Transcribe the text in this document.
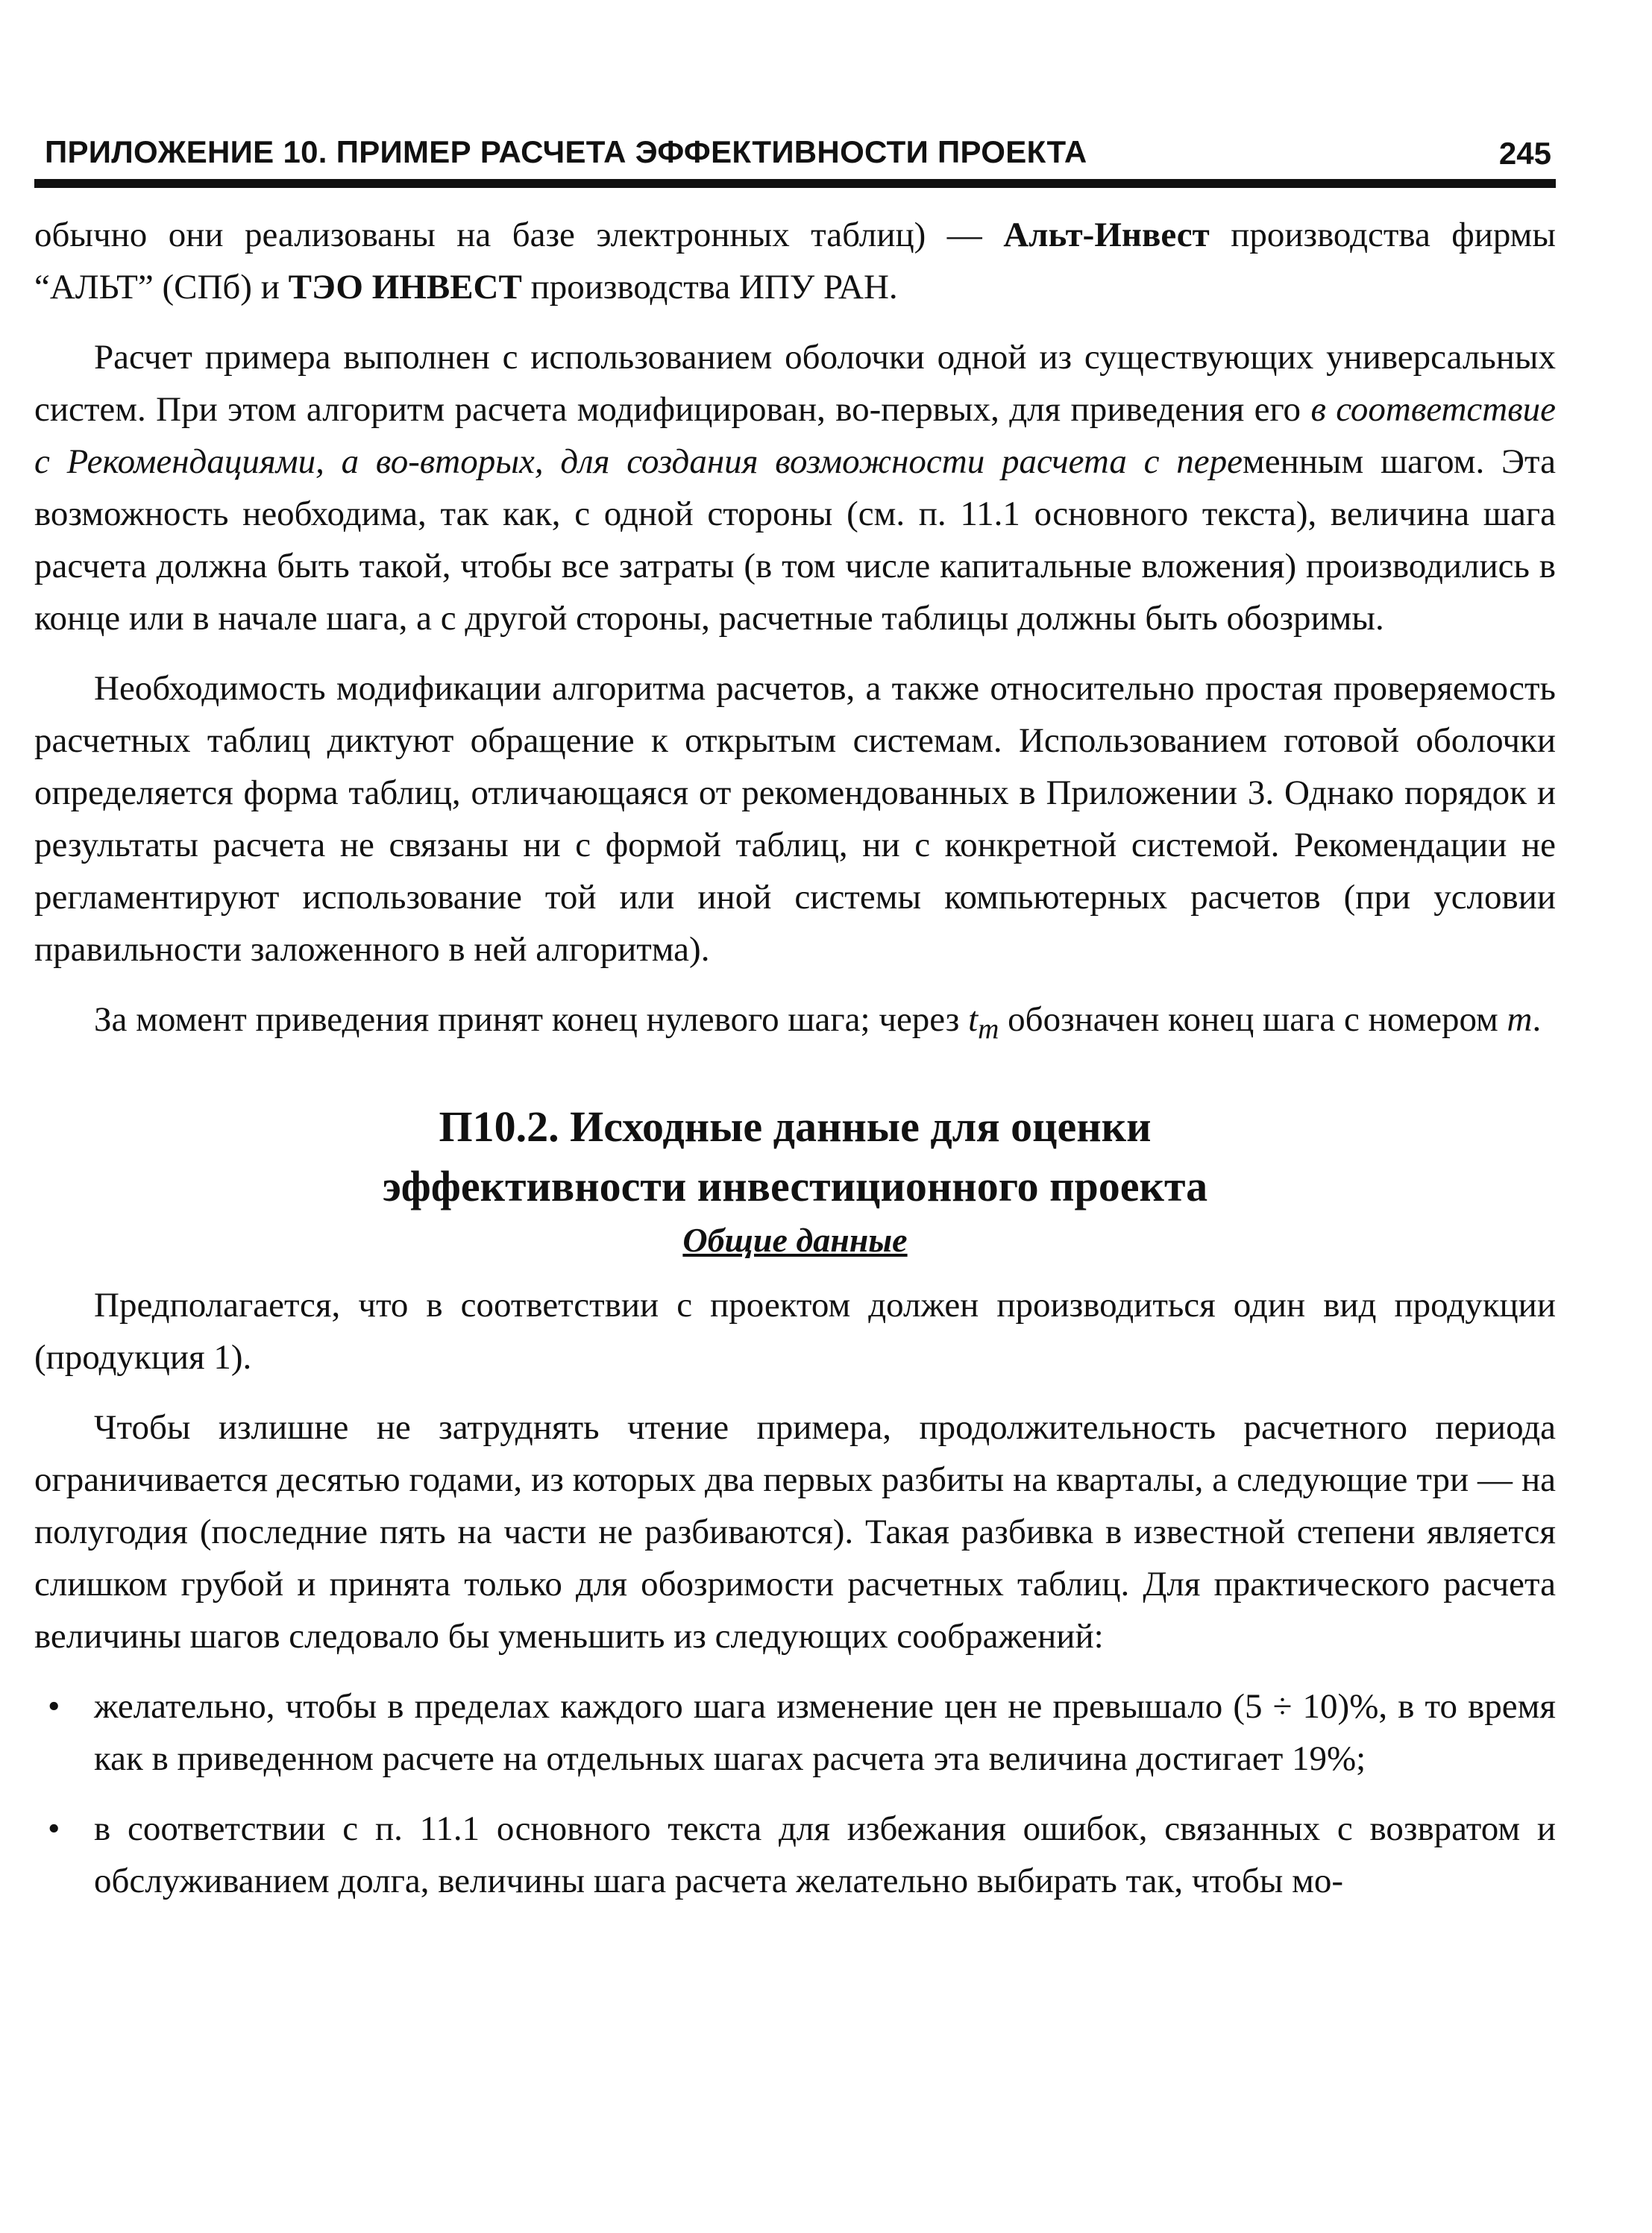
ПРИЛОЖЕНИЕ 10. ПРИМЕР РАСЧЕТА ЭФФЕКТИВНОСТИ ПРОЕКТА	245

обычно они реализованы на базе электронных таблиц) — Альт-Инвест производства фирмы “АЛЬТ” (СПб) и ТЭО ИНВЕСТ производства ИПУ РАН.

Расчет примера выполнен с использованием оболочки одной из существующих универсальных систем. При этом алгоритм расчета модифицирован, во-первых, для приведения его в соответствие с Рекомендациями, а во-вторых, для создания возможности расчета с переменным шагом. Эта возможность необходима, так как, с одной стороны (см. п. 11.1 основного текста), величина шага расчета должна быть такой, чтобы все затраты (в том числе капитальные вложения) производились в конце или в начале шага, а с другой стороны, расчетные таблицы должны быть обозримы.

Необходимость модификации алгоритма расчетов, а также относительно простая проверяемость расчетных таблиц диктуют обращение к открытым системам. Использованием готовой оболочки определяется форма таблиц, отличающаяся от рекомендованных в Приложении 3. Однако порядок и результаты расчета не связаны ни с формой таблиц, ни с конкретной системой. Рекомендации не регламентируют использование той или иной системы компьютерных расчетов (при условии правильности заложенного в ней алгоритма).

За момент приведения принят конец нулевого шага; через $t_m$ обозначен конец шага с номером m.

П10.2. Исходные данные для оценки
эффективности инвестиционного проекта
Общие данные

Предполагается, что в соответствии с проектом должен производиться один вид продукции (продукция 1).

Чтобы излишне не затруднять чтение примера, продолжительность расчетного периода ограничивается десятью годами, из которых два первых разбиты на кварталы, а следующие три — на полугодия (последние пять на части не разбиваются). Такая разбивка в известной степени является слишком грубой и принята только для обозримости расчетных таблиц. Для практического расчета величины шагов следовало бы уменьшить из следующих соображений:

• желательно, чтобы в пределах каждого шага изменение цен не превышало (5 ÷ 10)%, в то время как в приведенном расчете на отдельных шагах расчета эта величина достигает 19%;
• в соответствии с п. 11.1 основного текста для избежания ошибок, связанных с возвратом и обслуживанием долга, величины шага расчета желательно выбирать так, чтобы мо-
